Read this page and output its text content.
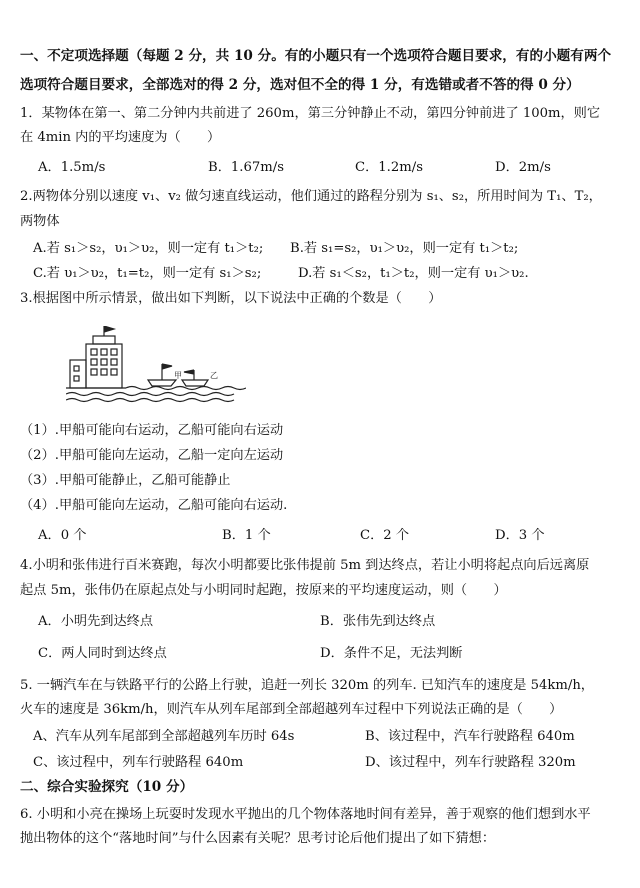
一、不定项选择题（每题 2 分，共 10 分。有的小题只有一个选项符合题目要求，有的小题有两个
选项符合题目要求，全部选对的得 2 分，选对但不全的得 1 分，有选错或者不答的得 0 分）
1．某物体在第一、第二分钟内共前进了 260m，第三分钟静止不动，第四分钟前进了 100m，则它
在 4min 内的平均速度为（　　）
A．1.5m/s	B．1.67m/s	C．1.2m/s	D．2m/s
2.两物体分别以速度 v₁、v₂ 做匀速直线运动，他们通过的路程分别为 s₁、s₂，所用时间为 T₁、T₂，
两物体
A.若 s₁＞s₂，υ₁＞υ₂，则一定有 t₁＞t₂; B.若 s₁=s₂，υ₁＞υ₂，则一定有 t₁＞t₂;
C.若 υ₁＞υ₂，t₁=t₂，则一定有 s₁＞s₂;	D.若 s₁＜s₂，t₁＞t₂，则一定有 υ₁＞υ₂.
3.根据图中所示情景，做出如下判断，以下说法中正确的个数是（　　）
甲	乙
（1）.甲船可能向右运动，乙船可能向右运动
（2）.甲船可能向左运动，乙船一定向左运动
（3）.甲船可能静止，乙船可能静止
（4）.甲船可能向左运动，乙船可能向右运动.
A．0 个	B．1 个	C．2 个	D．3 个
4.小明和张伟进行百米赛跑，每次小明都要比张伟提前 5m 到达终点，若让小明将起点向后远离原
起点 5m，张伟仍在原起点处与小明同时起跑，按原来的平均速度运动，则（　　）
A．小明先到达终点	B．张伟先到达终点
C．两人同时到达终点	D．条件不足，无法判断
5. 一辆汽车在与铁路平行的公路上行驶，追赶一列长 320m 的列车. 已知汽车的速度是 54km/h，
火车的速度是 36km/h，则汽车从列车尾部到全部超越列车过程中下列说法正确的是（　　）
A、汽车从列车尾部到全部超越列车历时 64s	B、该过程中，汽车行驶路程 640m
C、该过程中，列车行驶路程 640m	D、该过程中，列车行驶路程 320m
二、综合实验探究（10 分）
6. 小明和小亮在操场上玩耍时发现水平抛出的几个物体落地时间有差异，善于观察的他们想到水平
抛出物体的这个“落地时间”与什么因素有关呢？思考讨论后他们提出了如下猜想：
